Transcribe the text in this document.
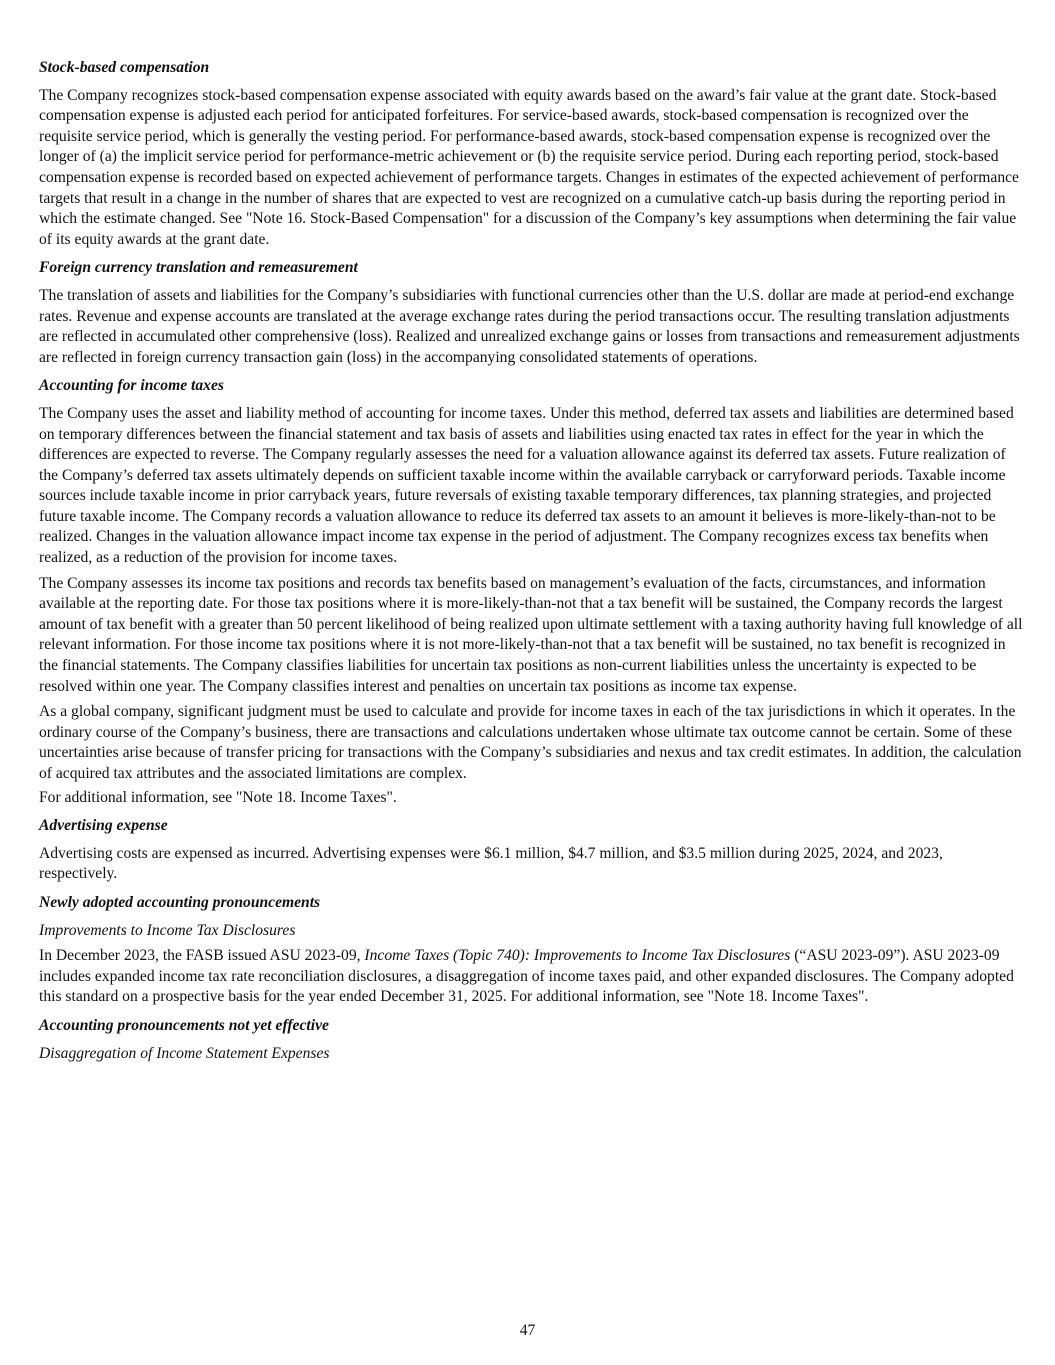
Stock-based compensation

The Company recognizes stock-based compensation expense associated with equity awards based on the award’s fair value at the grant date. Stock-based compensation expense is adjusted each period for anticipated forfeitures. For service-based awards, stock-based compensation is recognized over the requisite service period, which is generally the vesting period. For performance-based awards, stock-based compensation expense is recognized over the longer of (a) the implicit service period for performance-metric achievement or (b) the requisite service period. During each reporting period, stock-based compensation expense is recorded based on expected achievement of performance targets. Changes in estimates of the expected achievement of performance targets that result in a change in the number of shares that are expected to vest are recognized on a cumulative catch-up basis during the reporting period in which the estimate changed. See "Note 16. Stock-Based Compensation" for a discussion of the Company’s key assumptions when determining the fair value of its equity awards at the grant date.

Foreign currency translation and remeasurement

The translation of assets and liabilities for the Company’s subsidiaries with functional currencies other than the U.S. dollar are made at period-end exchange rates. Revenue and expense accounts are translated at the average exchange rates during the period transactions occur. The resulting translation adjustments are reflected in accumulated other comprehensive (loss). Realized and unrealized exchange gains or losses from transactions and remeasurement adjustments are reflected in foreign currency transaction gain (loss) in the accompanying consolidated statements of operations.

Accounting for income taxes

The Company uses the asset and liability method of accounting for income taxes. Under this method, deferred tax assets and liabilities are determined based on temporary differences between the financial statement and tax basis of assets and liabilities using enacted tax rates in effect for the year in which the differences are expected to reverse. The Company regularly assesses the need for a valuation allowance against its deferred tax assets. Future realization of the Company’s deferred tax assets ultimately depends on sufficient taxable income within the available carryback or carryforward periods. Taxable income sources include taxable income in prior carryback years, future reversals of existing taxable temporary differences, tax planning strategies, and projected future taxable income. The Company records a valuation allowance to reduce its deferred tax assets to an amount it believes is more-likely-than-not to be realized. Changes in the valuation allowance impact income tax expense in the period of adjustment. The Company recognizes excess tax benefits when realized, as a reduction of the provision for income taxes.

The Company assesses its income tax positions and records tax benefits based on management’s evaluation of the facts, circumstances, and information available at the reporting date. For those tax positions where it is more-likely-than-not that a tax benefit will be sustained, the Company records the largest amount of tax benefit with a greater than 50 percent likelihood of being realized upon ultimate settlement with a taxing authority having full knowledge of all relevant information. For those income tax positions where it is not more-likely-than-not that a tax benefit will be sustained, no tax benefit is recognized in the financial statements. The Company classifies liabilities for uncertain tax positions as non-current liabilities unless the uncertainty is expected to be resolved within one year. The Company classifies interest and penalties on uncertain tax positions as income tax expense.

As a global company, significant judgment must be used to calculate and provide for income taxes in each of the tax jurisdictions in which it operates. In the ordinary course of the Company’s business, there are transactions and calculations undertaken whose ultimate tax outcome cannot be certain. Some of these uncertainties arise because of transfer pricing for transactions with the Company’s subsidiaries and nexus and tax credit estimates. In addition, the calculation of acquired tax attributes and the associated limitations are complex.

For additional information, see "Note 18. Income Taxes".

Advertising expense

Advertising costs are expensed as incurred. Advertising expenses were $6.1 million, $4.7 million, and $3.5 million during 2025, 2024, and 2023, respectively.

Newly adopted accounting pronouncements

Improvements to Income Tax Disclosures

In December 2023, the FASB issued ASU 2023-09, Income Taxes (Topic 740): Improvements to Income Tax Disclosures (“ASU 2023-09”). ASU 2023-09 includes expanded income tax rate reconciliation disclosures, a disaggregation of income taxes paid, and other expanded disclosures. The Company adopted this standard on a prospective basis for the year ended December 31, 2025. For additional information, see "Note 18. Income Taxes".

Accounting pronouncements not yet effective

Disaggregation of Income Statement Expenses

47
